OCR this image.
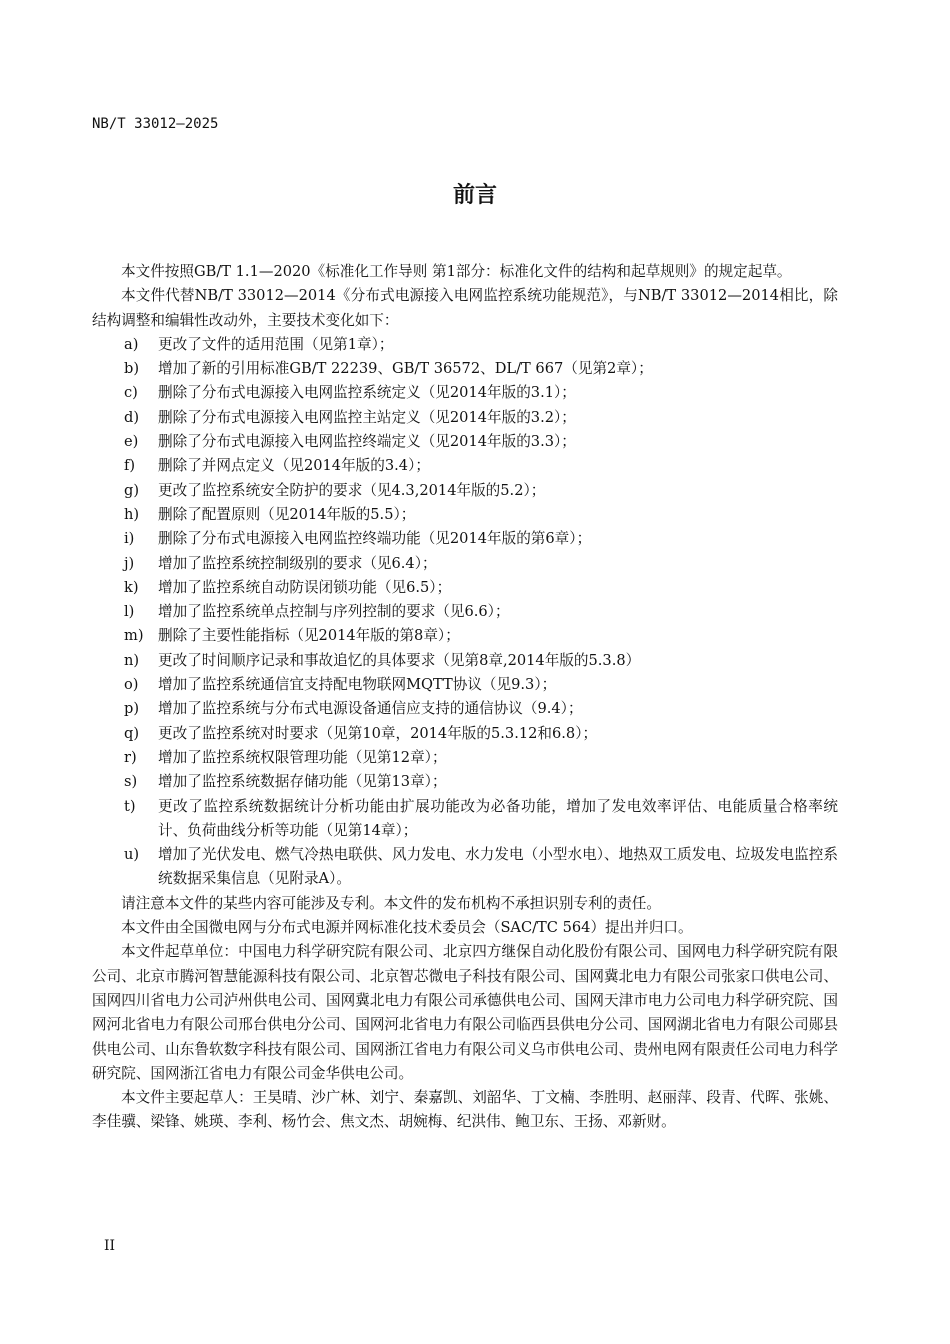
NB/T 33012—2025
前言

本文件按照GB/T 1.1—2020《标准化工作导则 第1部分：标准化文件的结构和起草规则》的规定起草。

本文件代替NB/T 33012—2014《分布式电源接入电网监控系统功能规范》，与NB/T 33012—2014相比，除结构调整和编辑性改动外，主要技术变化如下：

a)	更改了文件的适用范围（见第1章）；
b)	增加了新的引用标准GB/T 22239、GB/T 36572、DL/T 667（见第2章）；
c)	删除了分布式电源接入电网监控系统定义（见2014年版的3.1）；
d)	删除了分布式电源接入电网监控主站定义（见2014年版的3.2）；
e)	删除了分布式电源接入电网监控终端定义（见2014年版的3.3）；
f)	删除了并网点定义（见2014年版的3.4）；
g)	更改了监控系统安全防护的要求（见4.3,2014年版的5.2）；
h)	删除了配置原则（见2014年版的5.5）；
i)	删除了分布式电源接入电网监控终端功能（见2014年版的第6章）；
j)	增加了监控系统控制级别的要求（见6.4）；
k)	增加了监控系统自动防误闭锁功能（见6.5）；
l)	增加了监控系统单点控制与序列控制的要求（见6.6）；
m) 删除了主要性能指标（见2014年版的第8章）；
n)	更改了时间顺序记录和事故追忆的具体要求（见第8章,2014年版的5.3.8）
o)	增加了监控系统通信宜支持配电物联网MQTT协议（见9.3）；
p)	增加了监控系统与分布式电源设备通信应支持的通信协议（9.4）；
q)	更改了监控系统对时要求（见第10章，2014年版的5.3.12和6.8）；
r)	增加了监控系统权限管理功能（见第12章）；
s)	增加了监控系统数据存储功能（见第13章）；
t)	更改了监控系统数据统计分析功能由扩展功能改为必备功能，增加了发电效率评估、电能质量合格率统计、负荷曲线分析等功能（见第14章）；
u)	增加了光伏发电、燃气冷热电联供、风力发电、水力发电（小型水电）、地热双工质发电、垃圾发电监控系统数据采集信息（见附录A）。

请注意本文件的某些内容可能涉及专利。本文件的发布机构不承担识别专利的责任。

本文件由全国微电网与分布式电源并网标准化技术委员会（SAC/TC 564）提出并归口。

本文件起草单位：中国电力科学研究院有限公司、北京四方继保自动化股份有限公司、国网电力科学研究院有限公司、北京市腾河智慧能源科技有限公司、北京智芯微电子科技有限公司、国网冀北电力有限公司张家口供电公司、国网四川省电力公司泸州供电公司、国网冀北电力有限公司承德供电公司、国网天津市电力公司电力科学研究院、国网河北省电力有限公司邢台供电分公司、国网河北省电力有限公司临西县供电分公司、国网湖北省电力有限公司郧县供电公司、山东鲁软数字科技有限公司、国网浙江省电力有限公司义乌市供电公司、贵州电网有限责任公司电力科学研究院、国网浙江省电力有限公司金华供电公司。

本文件主要起草人：王昊晴、沙广林、刘宁、秦嘉凯、刘韶华、丁文楠、李胜明、赵丽萍、段青、代晖、张姚、李佳骥、梁锋、姚瑛、李利、杨竹会、焦文杰、胡婉梅、纪洪伟、鲍卫东、王扬、邓新财。

II
